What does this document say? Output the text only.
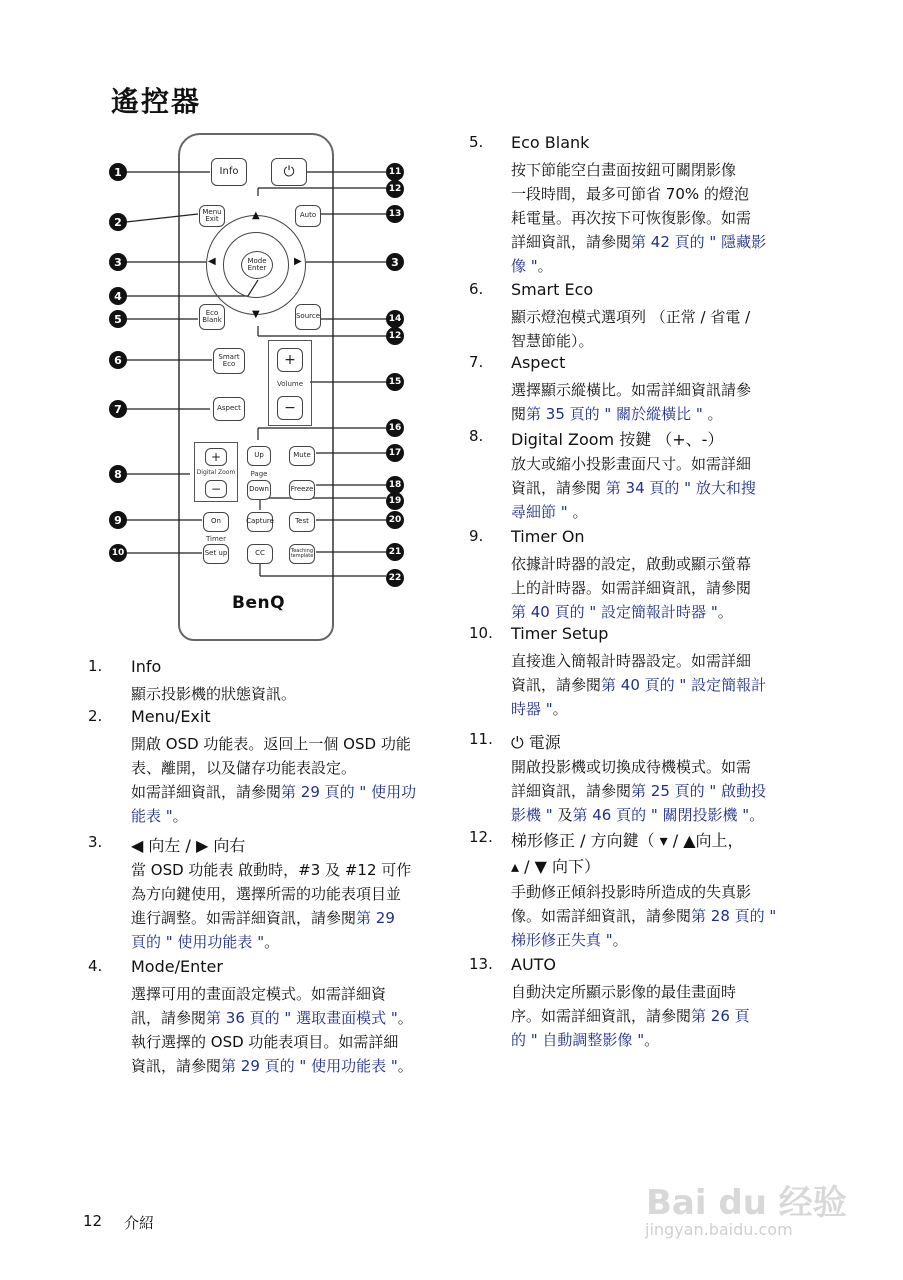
遙控器
Info	⏻
Menu Exit	Auto
▲
▼
◀	▶
Mode Enter
Eco Blank	Source
Smart Eco
Aspect
+
Volume
−
+
Digital Zoom
−
Up
Page
Down
Mute
Freeze
Capture
On
Timer
Test
Set up	CC	Teaching template
BenQ
1
2
3
4
5
6
7
8
9
10
11
12
13
3
14
12
15
16
17
18
19
20
21
22
1. Info
顯示投影機的狀態資訊。
2. Menu/Exit
開啟 OSD 功能表。返回上一個 OSD 功能
表、離開，以及儲存功能表設定。
如需詳細資訊，請參閱第 29 頁的 " 使用功
能表 "。
3. ◀ 向左 / ▶ 向右
當 OSD 功能表 啟動時，#3 及 #12 可作
為方向鍵使用，選擇所需的功能表項目並
進行調整。如需詳細資訊，請參閱第 29
頁的 " 使用功能表 "。
4. Mode/Enter
選擇可用的畫面設定模式。如需詳細資
訊，請參閱第 36 頁的 " 選取畫面模式 "。
執行選擇的 OSD 功能表項目。如需詳細
資訊，請參閱第 29 頁的 " 使用功能表 "。
5. Eco Blank
按下節能空白畫面按鈕可關閉影像
一段時間，最多可節省 70% 的燈泡
耗電量。再次按下可恢復影像。如需
詳細資訊，請參閱第 42 頁的 " 隱藏影
像 "。
6. Smart Eco
顯示燈泡模式選項列 （正常 / 省電 /
智慧節能）。
7. Aspect
選擇顯示縱橫比。如需詳細資訊請參
閱第 35 頁的 " 關於縱橫比 " 。
8. Digital Zoom 按鍵 （+、-）
放大或縮小投影畫面尺寸。如需詳細
資訊，請參閱 第 34 頁的 " 放大和搜
尋細節 " 。
9. Timer On
依據計時器的設定，啟動或顯示螢幕
上的計時器。如需詳細資訊，請參閱
第 40 頁的 " 設定簡報計時器 "。
10. Timer Setup
直接進入簡報計時器設定。如需詳細
資訊，請參閱第 40 頁的 " 設定簡報計
時器 "。
11. ⏻ 電源
開啟投影機或切換成待機模式。如需
詳細資訊，請參閱第 25 頁的 " 啟動投
影機 " 及第 46 頁的 " 關閉投影機 "。
12. 梯形修正 / 方向鍵（ ▾ / ▲向上，
▴ / ▼ 向下）
手動修正傾斜投影時所造成的失真影
像。如需詳細資訊，請參閱第 28 頁的 "
梯形修正失真 "。
13. AUTO
自動決定所顯示影像的最佳畫面時
序。如需詳細資訊，請參閱第 26 頁
的 " 自動調整影像 "。
12 介紹	Bai du 经验
jingyan.baidu.com
